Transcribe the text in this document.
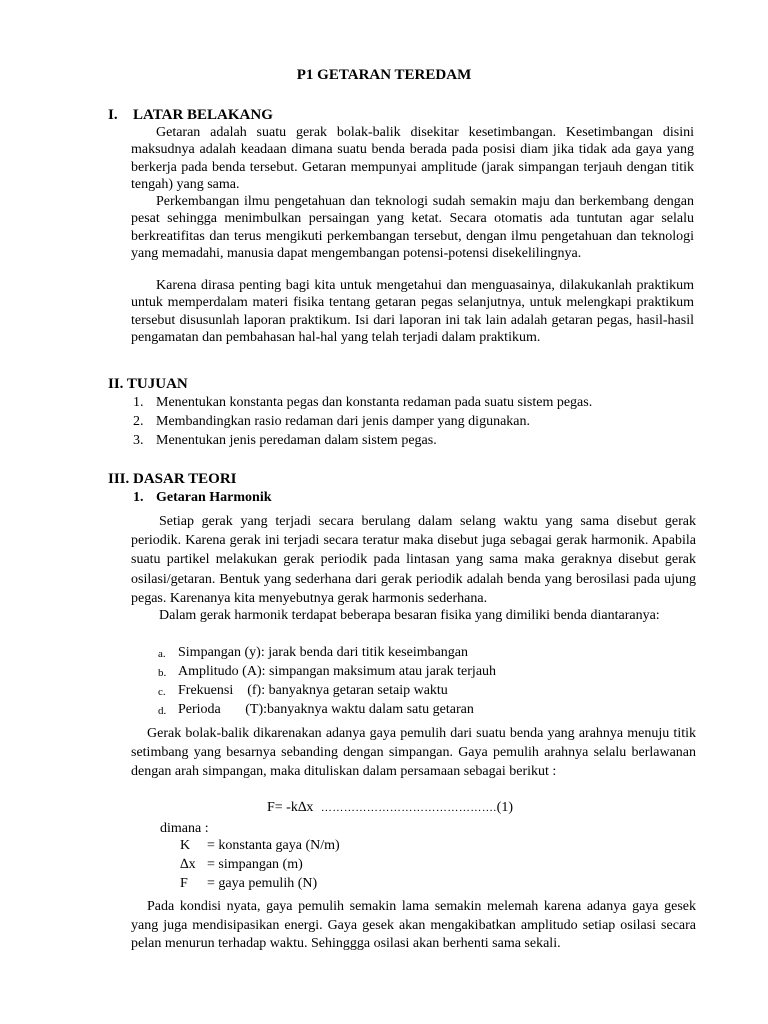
P1 GETARAN TEREDAM
I. LATAR BELAKANG
Getaran adalah suatu gerak bolak-balik disekitar kesetimbangan. Kesetimbangan disini maksudnya adalah keadaan dimana suatu benda berada pada posisi diam jika tidak ada gaya yang berkerja pada benda tersebut. Getaran mempunyai amplitude (jarak simpangan terjauh dengan titik tengah) yang sama.
Perkembangan ilmu pengetahuan dan teknologi sudah semakin maju dan berkembang dengan pesat sehingga menimbulkan persaingan yang ketat. Secara otomatis ada tuntutan agar selalu berkreatifitas dan terus mengikuti perkembangan tersebut, dengan ilmu pengetahuan dan teknologi yang memadahi, manusia dapat mengembangan potensi-potensi disekelilingnya.
Karena dirasa penting bagi kita untuk mengetahui dan menguasainya, dilakukanlah praktikum untuk memperdalam materi fisika tentang getaran pegas selanjutnya, untuk melengkapi praktikum tersebut disusunlah laporan praktikum. Isi dari laporan ini tak lain adalah getaran pegas, hasil-hasil pengamatan dan pembahasan hal-hal yang telah terjadi dalam praktikum.
II. TUJUAN
1. Menentukan konstanta pegas dan konstanta redaman pada suatu sistem pegas.
2. Membandingkan rasio redaman dari jenis damper yang digunakan.
3. Menentukan jenis peredaman dalam sistem pegas.
III. DASAR TEORI
1. Getaran Harmonik
Setiap gerak yang terjadi secara berulang dalam selang waktu yang sama disebut gerak periodik. Karena gerak ini terjadi secara teratur maka disebut juga sebagai gerak harmonik. Apabila suatu partikel melakukan gerak periodik pada lintasan yang sama maka geraknya disebut gerak osilasi/getaran. Bentuk yang sederhana dari gerak periodik adalah benda yang berosilasi pada ujung pegas. Karenanya kita menyebutnya gerak harmonis sederhana.
Dalam gerak harmonik terdapat beberapa besaran fisika yang dimiliki benda diantaranya:
a. Simpangan (y): jarak benda dari titik keseimbangan
b. Amplitudo (A): simpangan maksimum atau jarak terjauh
c. Frekuensi    (f): banyaknya getaran setaip waktu
d. Perioda       (T):banyaknya waktu dalam satu getaran
Gerak bolak-balik dikarenakan adanya gaya pemulih dari suatu benda yang arahnya menuju titik setimbang yang besarnya sebanding dengan simpangan. Gaya pemulih arahnya selalu berlawanan dengan arah simpangan, maka dituliskan dalam persamaan sebagai berikut :
F= -k∆x ……………………………………….(1)
dimana :
K = konstanta gaya (N/m)
∆x = simpangan (m)
F = gaya pemulih (N)
Pada kondisi nyata, gaya pemulih semakin lama semakin melemah karena adanya gaya gesek yang juga mendisipasikan energi. Gaya gesek akan mengakibatkan amplitudo setiap osilasi secara pelan menurun terhadap waktu. Sehinggga osilasi akan berhenti sama sekali.
